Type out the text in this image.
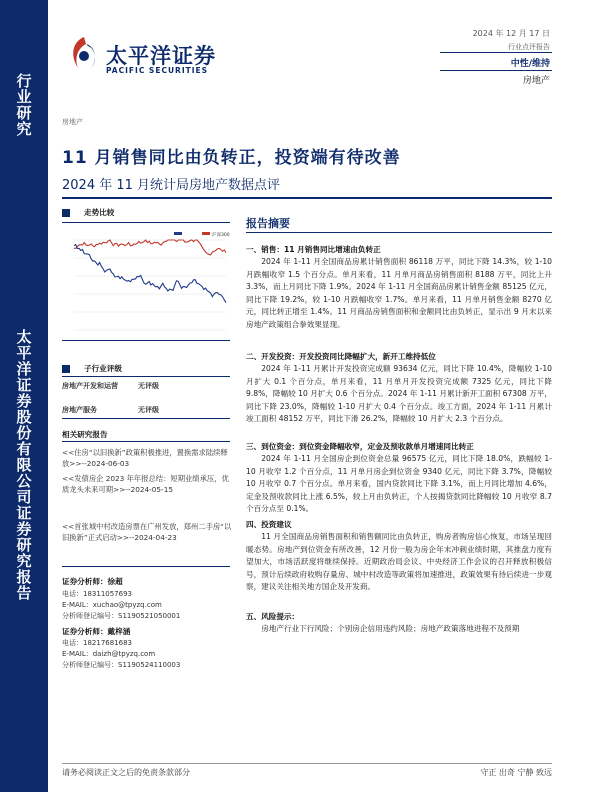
行业研究
太平洋证券股份有限公司证券研究报告
太平洋证券
PACIFIC SECURITIES
2024 年 12 月 17 日
行业点评报告
中性/维持
房地产
房地产
11 月销售同比由负转正，投资端有待改善
2024 年 11 月统计局房地产数据点评
走势比较
沪深300
子行业评级
房地产开发和运营	无评级
房地产服务	无评级
相关研究报告
<<住房“以旧换新”政策积极推进，置换需求陆续释放>>--2024-06-03
<<发债房企 2023 年年报总结：短期业绩承压，优质龙头未来可期>>--2024-05-15
<<首张城中村改造房票在广州发放，郑州二手房“以旧换新”正式启动>>--2024-04-23
证券分析师：徐超
电话：18311057693
E-MAIL：xuchao@tpyzq.com
分析师登记编号：S1190521050001
证券分析师：戴梓涵
电话：18217681683
E-MAIL：daizh@tpyzq.com
分析师登记编号：S1190524110003
报告摘要
一、销售：11 月销售同比增速由负转正
2024 年 1-11 月全国商品房累计销售面积 86118 万平，同比下降 14.3%，较 1-10 月跌幅收窄 1.5 个百分点。单月来看，11 月单月商品房销售面积 8188 万平，同比上升 3.3%，而上月同比下降 1.9%。2024 年 1-11 月全国商品房累计销售金额 85125 亿元，同比下降 19.2%，较 1-10 月跌幅收窄 1.7%。单月来看，11 月单月销售金额 8270 亿元，同比转正增至 1.4%。11 月商品房销售面积和金额同比由负转正，显示出 9 月末以来房地产政策组合拳效果显现。
二、开发投资：开发投资同比降幅扩大，新开工维持低位
2024 年 1-11 月累计开发投资完成额 93634 亿元，同比下降 10.4%，降幅较 1-10 月扩大 0.1 个百分点，单月来看，11 月单月开发投资完成额 7325 亿元，同比下降 9.8%，降幅较 10 月扩大 0.6 个百分点。2024 年 1-11 月累计新开工面积 67308 万平，同比下降 23.0%，降幅较 1-10 月扩大 0.4 个百分点。竣工方面，2024 年 1-11 月累计竣工面积 48152 万平，同比下滑 26.2%，降幅较 10 月扩大 2.3 个百分点。
三、到位资金：到位资金降幅收窄，定金及预收款单月增速同比转正
2024 年 1-11 月全国房企到位资金总量 96575 亿元，同比下降 18.0%，跌幅较 1-10 月收窄 1.2 个百分点，11 月单月房企到位资金 9340 亿元，同比下降 3.7%，降幅较 10 月收窄 0.7 个百分点。单月来看，国内贷款同比下降 3.1%，而上月同比增加 4.6%，定金及预收款同比上涨 6.5%，较上月由负转正，个人按揭贷款同比降幅较 10 月收窄 8.7 个百分点至 0.1%。
四、投资建议
11 月全国商品房销售面积和销售额同比由负转正，购房者购房信心恢复，市场呈现回暖态势。房地产到位资金有所改善，12 月份一般为房企年末冲刺业绩时期，其推盘力度有望加大，市场活跃度将继续保持。近期政治局会议、中央经济工作会议的召开释放积极信号，预计后续政府收购存量房、城中村改造等政策将加速推进，政策效果有待后续进一步观察，建议关注相关地方国企及开发商。
五、风险提示：
房地产行业下行风险；个别房企信用违约风险；房地产政策落地进程不及预期
请务必阅读正文之后的免责条款部分	守正 出奇 宁静 致远
